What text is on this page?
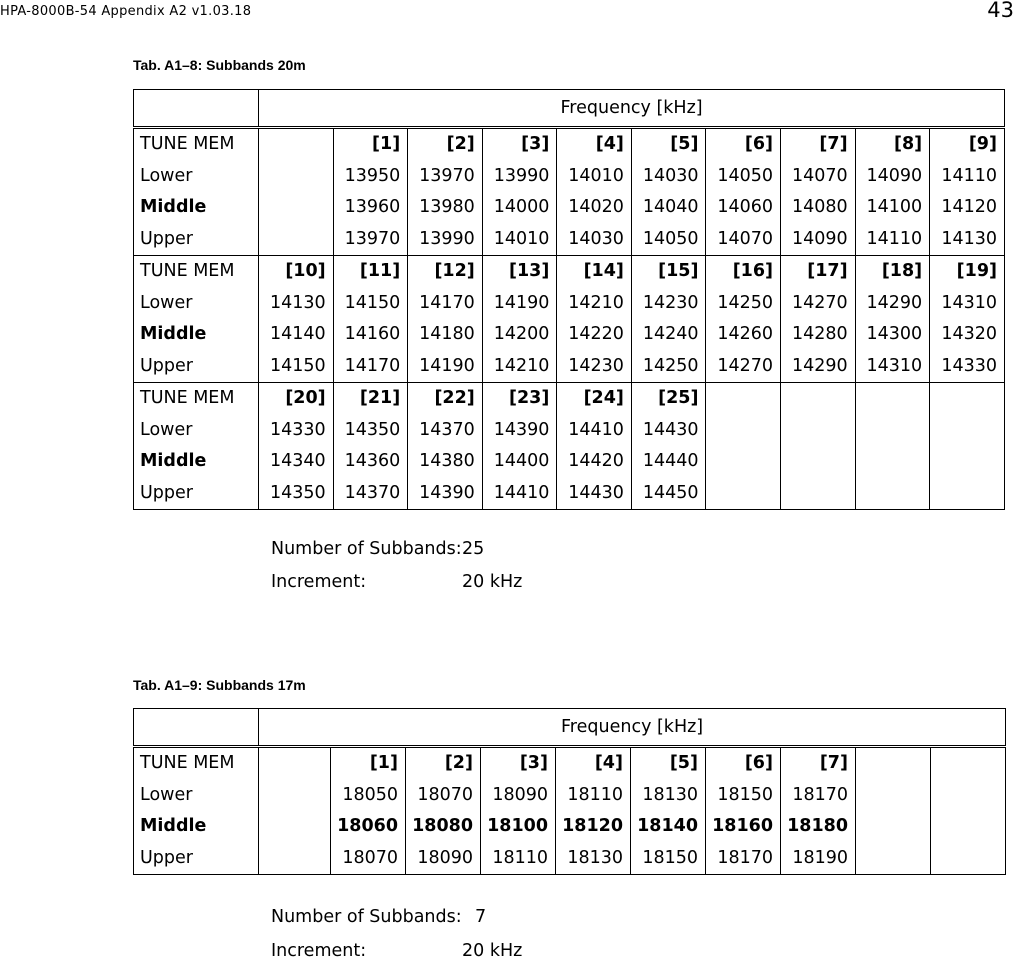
HPA-8000B-54 Appendix A2 v1.03.18	43
Tab. A1–8: Subbands 20m
	Frequency [kHz]									
TUNE MEM		[1]	[2]	[3]	[4]	[5]	[6]	[7]	[8]	[9]
Lower		13950	13970	13990	14010	14030	14050	14070	14090	14110
Middle		13960	13980	14000	14020	14040	14060	14080	14100	14120
Upper		13970	13990	14010	14030	14050	14070	14090	14110	14130
TUNE MEM	[10]	[11]	[12]	[13]	[14]	[15]	[16]	[17]	[18]	[19]
Lower	14130	14150	14170	14190	14210	14230	14250	14270	14290	14310
Middle	14140	14160	14180	14200	14220	14240	14260	14280	14300	14320
Upper	14150	14170	14190	14210	14230	14250	14270	14290	14310	14330
TUNE MEM	[20]	[21]	[22]	[23]	[24]	[25]				
Lower	14330	14350	14370	14390	14410	14430				
Middle	14340	14360	14380	14400	14420	14440				
Upper	14350	14370	14390	14410	14430	14450				
Number of Subbands: 25
Increment:	20 kHz
Tab. A1–9: Subbands 17m
	Frequency [kHz]									
TUNE MEM		[1]	[2]	[3]	[4]	[5]	[6]	[7]		
Lower		18050	18070	18090	18110	18130	18150	18170		
Middle		18060	18080	18100	18120	18140	18160	18180		
Upper		18070	18090	18110	18130	18150	18170	18190		
Number of Subbands: 7
Increment:	20 kHz
